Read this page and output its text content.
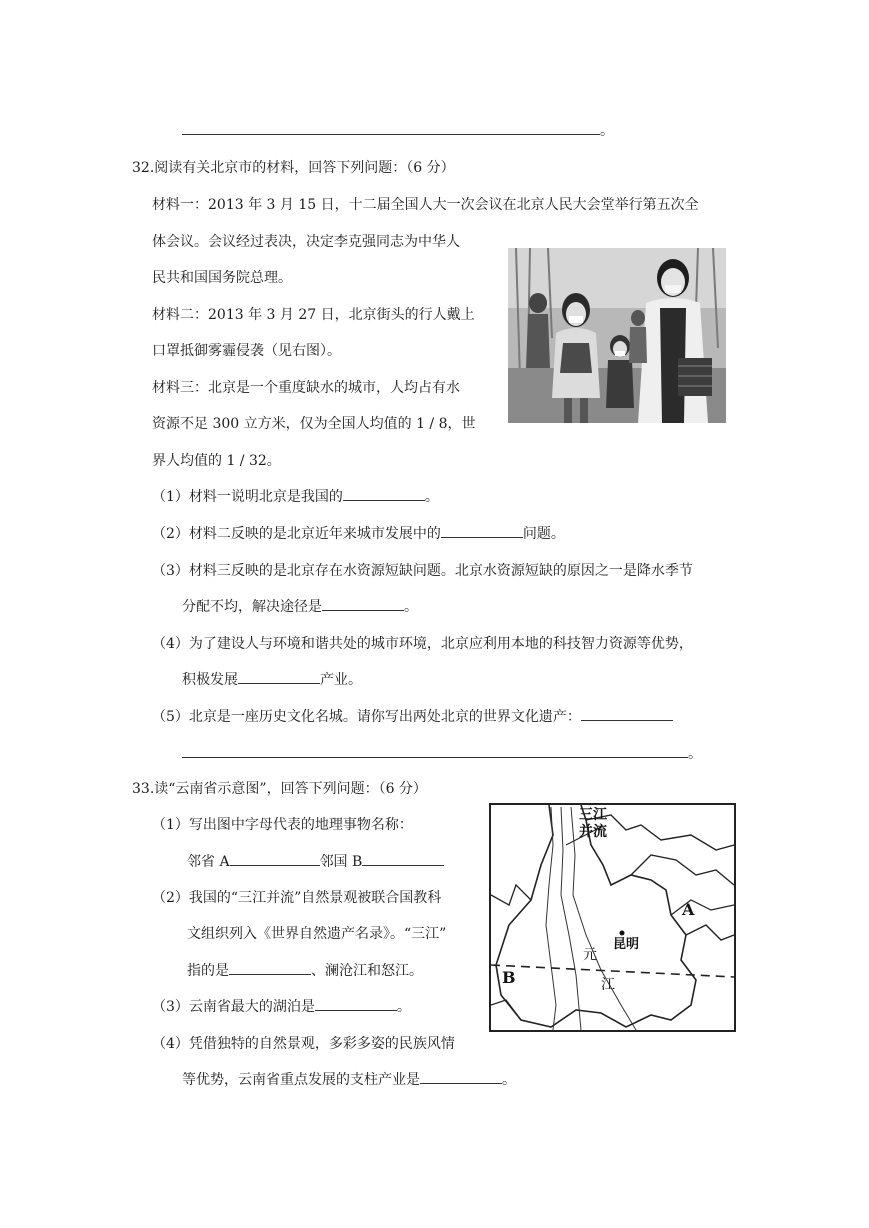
。
32.阅读有关北京市的材料，回答下列问题：（6 分）
材料一：2013 年 3 月 15 日，十二届全国人大一次会议在北京人民大会堂举行第五次全
体会议。会议经过表决，决定李克强同志为中华人
民共和国国务院总理。
材料二：2013 年 3 月 27 日，北京街头的行人戴上
口罩抵御雾霾侵袭（见右图）。
材料三：北京是一个重度缺水的城市，人均占有水
资源不足 300 立方米，仅为全国人均值的 1 / 8，世
界人均值的 1 / 32。
（1）材料一说明北京是我国的	。
（2）材料二反映的是北京近年来城市发展中的	问题。
（3）材料三反映的是北京存在水资源短缺问题。北京水资源短缺的原因之一是降水季节
分配不均，解决途径是	。
（4）为了建设人与环境和谐共处的城市环境，北京应利用本地的科技智力资源等优势，
积极发展	产业。
（5）北京是一座历史文化名城。请你写出两处北京的世界文化遗产：
。
33.读“云南省示意图”，回答下列问题：（6 分）
（1）写出图中字母代表的地理事物名称：
邻省 A	邻国 B
（2）我国的“三江并流”自然景观被联合国教科
文组织列入《世界自然遗产名录》。“三江”
指的是	、澜沧江和怒江。
（3）云南省最大的湖泊是	。
（4）凭借独特的自然景观，多彩多姿的民族风情
等优势，云南省重点发展的支柱产业是	。
三江
并流
A
B
昆明
元
江
